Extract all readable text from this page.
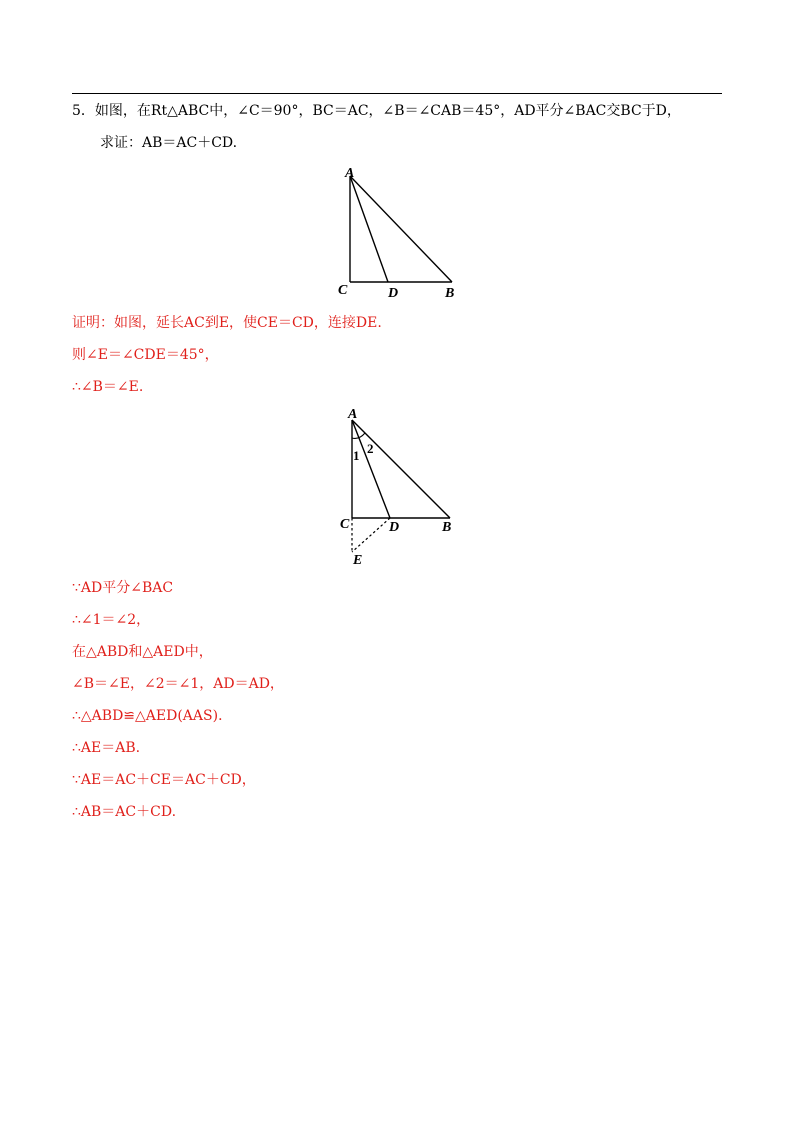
5．如图，在Rt△ABC中，∠C＝90°，BC＝AC，∠B＝∠CAB＝45°，AD平分∠BAC交BC于D，
求证：AB＝AC＋CD.
A
C	D	B
证明：如图，延长AC到E，使CE＝CD，连接DE.
则∠E＝∠CDE＝45°，
∴∠B＝∠E.
A
C	D	B
E
1 2
∵AD平分∠BAC
∴∠1＝∠2，
在△ABD和△AED中，
∠B＝∠E，∠2＝∠1，AD＝AD，
∴△ABD≌△AED(AAS)．
∴AE＝AB.
∵AE＝AC＋CE＝AC＋CD，
∴AB＝AC＋CD.
